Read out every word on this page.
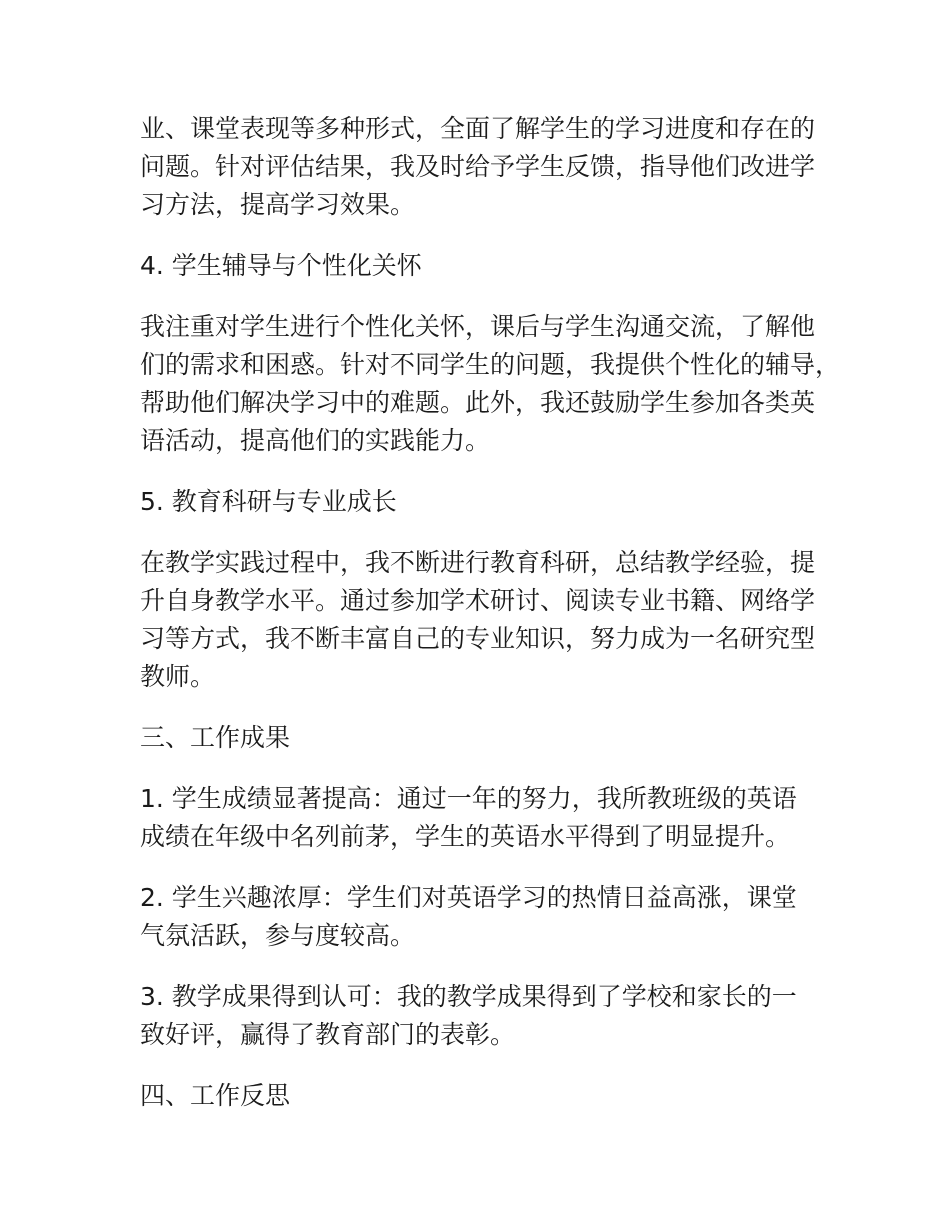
业、课堂表现等多种形式，全面了解学生的学习进度和存在的
问题。针对评估结果，我及时给予学生反馈，指导他们改进学
习方法，提高学习效果。

4. 学生辅导与个性化关怀

我注重对学生进行个性化关怀，课后与学生沟通交流，了解他
们的需求和困惑。针对不同学生的问题，我提供个性化的辅导，
帮助他们解决学习中的难题。此外，我还鼓励学生参加各类英
语活动，提高他们的实践能力。

5. 教育科研与专业成长

在教学实践过程中，我不断进行教育科研，总结教学经验，提
升自身教学水平。通过参加学术研讨、阅读专业书籍、网络学
习等方式，我不断丰富自己的专业知识，努力成为一名研究型
教师。

三、工作成果

1. 学生成绩显著提高：通过一年的努力，我所教班级的英语
成绩在年级中名列前茅，学生的英语水平得到了明显提升。

2. 学生兴趣浓厚：学生们对英语学习的热情日益高涨，课堂
气氛活跃，参与度较高。

3. 教学成果得到认可：我的教学成果得到了学校和家长的一
致好评，赢得了教育部门的表彰。

四、工作反思
